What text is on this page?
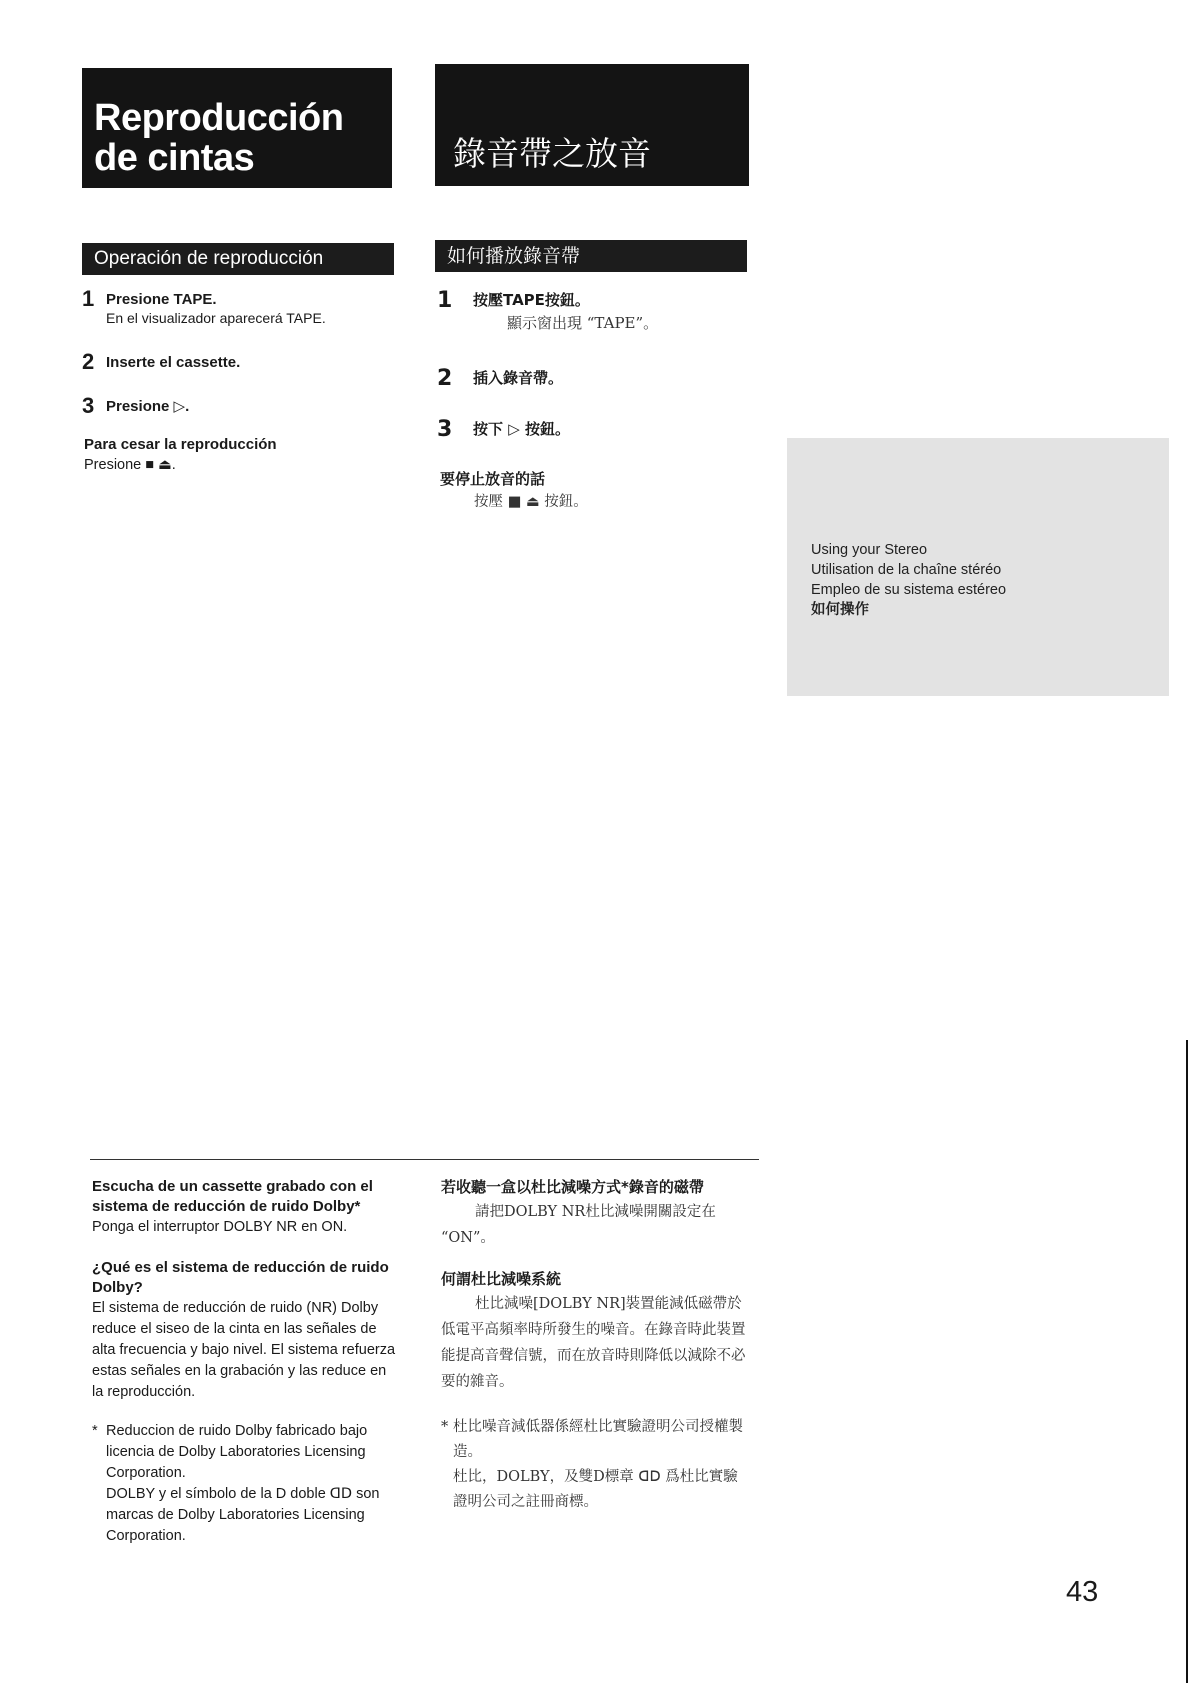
Reproducción
de cintas	錄音帶之放音
Operación de reproducción	如何播放錄音帶
1 Presione TAPE.
En el visualizador aparecerá TAPE.
2 Inserte el cassette.
3 Presione ▷.
Para cesar la reproducción
Presione ■ ⏏.
1 按壓TAPE按鈕。
顯示窗出現 “TAPE”。
2 插入錄音帶。
3 按下 ▷ 按鈕。
要停止放音的話
按壓 ■ ⏏ 按鈕。
Using your Stereo
Utilisation de la chaîne stéréo
Empleo de su sistema estéreo
如何操作
Escucha de un cassette grabado con el sistema de reducción de ruido Dolby*
Ponga el interruptor DOLBY NR en ON.
¿Qué es el sistema de reducción de ruido Dolby?
El sistema de reducción de ruido (NR) Dolby reduce el siseo de la cinta en las señales de alta frecuencia y bajo nivel. El sistema refuerza estas señales en la grabación y las reduce en la reproducción.
* Reduccion de ruido Dolby fabricado bajo licencia de Dolby Laboratories Licensing Corporation.
DOLBY y el símbolo de la D doble ᗡᗞ son marcas de Dolby Laboratories Licensing Corporation.
若收聽一盒以杜比減噪方式*錄音的磁帶
請把DOLBY NR杜比減噪開關設定在 “ON”。
何謂杜比減噪系統
杜比減噪[DOLBY NR]裝置能減低磁帶於低電平高頻率時所發生的噪音。在錄音時此裝置能提高音聲信號，而在放音時則降低以減除不必要的雜音。
* 杜比噪音減低器係經杜比實驗證明公司授權製造。
杜比，DOLBY，及雙D標章 ᗡᗞ 爲杜比實驗證明公司之註冊商標。
43
